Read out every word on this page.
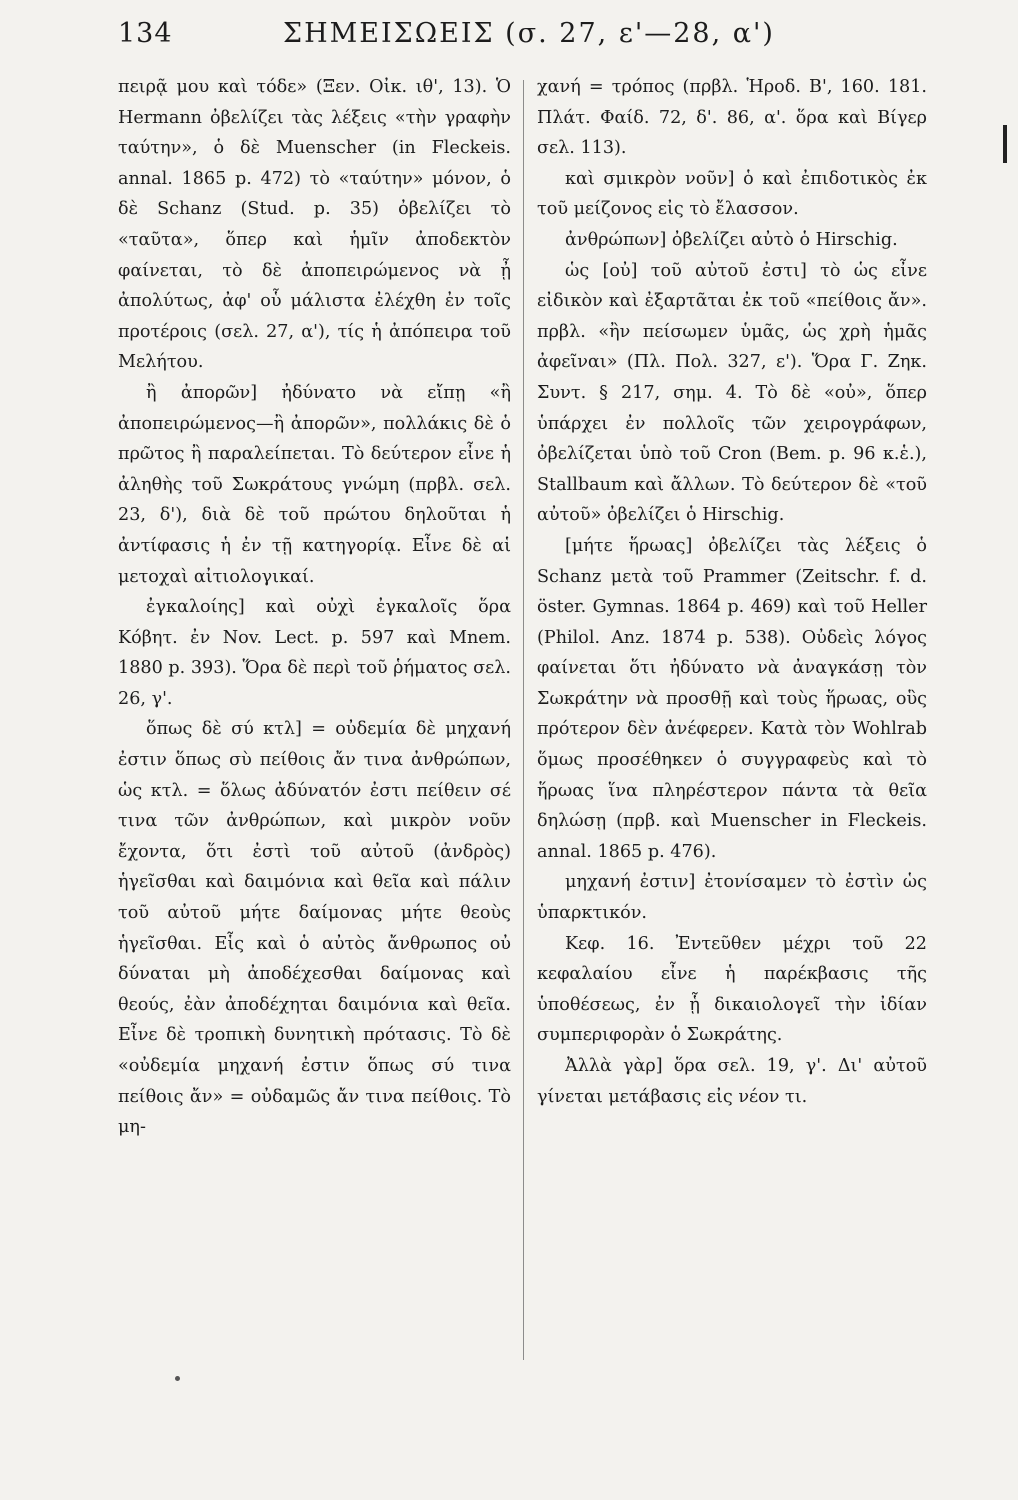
134	ΣΗΜΕΙΣΩΕΙΣ (σ. 27, ε'—28, α')

πειρᾷ μου καὶ τόδε» (Ξεν. Οἰκ. ιθ', 13). Ὁ Hermann ὀβελίζει τὰς λέξεις «τὴν γραφὴν ταύτην», ὁ δὲ Muenscher (in Fleckeis. annal. 1865 p. 472) τὸ «ταύτην» μόνον, ὁ δὲ Schanz (Stud. p. 35) ὀβελίζει τὸ «ταῦτα», ὅπερ καὶ ἡμῖν ἀποδεκτὸν φαίνεται, τὸ δὲ ἀποπειρώμενος νὰ ᾖ ἀπολύτως, ἀφ' οὗ μάλιστα ἐλέχθη ἐν τοῖς προτέροις (σελ. 27, α'), τίς ἡ ἀπόπειρα τοῦ Μελήτου.

ἢ ἀπορῶν] ἠδύνατο νὰ εἴπῃ «ἢ ἀποπειρώμενος—ἢ ἀπορῶν», πολλάκις δὲ ὁ πρῶτος ἢ παραλείπεται. Τὸ δεύτερον εἶνε ἡ ἀληθὴς τοῦ Σωκράτους γνώμη (πρβλ. σελ. 23, δ'), διὰ δὲ τοῦ πρώτου δηλοῦται ἡ ἀντίφασις ἡ ἐν τῇ κατηγορίᾳ. Εἶνε δὲ αἱ μετοχαὶ αἰτιολογικαί.

ἐγκαλοίης] καὶ οὐχὶ ἐγκαλοῖς ὅρα Κόβητ. ἐν Nov. Lect. p. 597 καὶ Mnem. 1880 p. 393). Ὅρα δὲ περὶ τοῦ ῥήματος σελ. 26, γ'.

ὅπως δὲ σύ κτλ] = οὐδεμία δὲ μηχανή ἐστιν ὅπως σὺ πείθοις ἄν τινα ἀνθρώπων, ὡς κτλ. = ὅλως ἀδύνατόν ἐστι πείθειν σέ τινα τῶν ἀνθρώπων, καὶ μικρὸν νοῦν ἔχοντα, ὅτι ἐστὶ τοῦ αὐτοῦ (ἀνδρὸς) ἡγεῖσθαι καὶ δαιμόνια καὶ θεῖα καὶ πάλιν τοῦ αὐτοῦ μήτε δαίμονας μήτε θεοὺς ἡγεῖσθαι. Εἷς καὶ ὁ αὐτὸς ἄνθρωπος οὐ δύναται μὴ ἀποδέχεσθαι δαίμονας καὶ θεούς, ἐὰν ἀποδέχηται δαιμόνια καὶ θεῖα. Εἶνε δὲ τροπικὴ δυνητικὴ πρότασις. Τὸ δὲ «οὐδεμία μηχανή ἐστιν ὅπως σύ τινα πείθοις ἄν» = οὐδαμῶς ἄν τινα πείθοις. Τὸ μη-

χανή = τρόπος (πρβλ. Ἡροδ. Β', 160. 181. Πλάτ. Φαίδ. 72, δ'. 86, α'. ὅρα καὶ Βίγερ σελ. 113).

καὶ σμικρὸν νοῦν] ὁ καὶ ἐπιδοτικὸς ἐκ τοῦ μείζονος εἰς τὸ ἔλασσον.

ἀνθρώπων] ὀβελίζει αὐτὸ ὁ Hirschig.

ὡς [οὐ] τοῦ αὐτοῦ ἐστι] τὸ ὡς εἶνε εἰδικὸν καὶ ἐξαρτᾶται ἐκ τοῦ «πείθοις ἄν». πρβλ. «ἢν πείσωμεν ὑμᾶς, ὡς χρὴ ἡμᾶς ἀφεῖναι» (Πλ. Πολ. 327, ε'). Ὅρα Γ. Ζηκ. Συντ. § 217, σημ. 4. Τὸ δὲ «οὐ», ὅπερ ὑπάρχει ἐν πολλοῖς τῶν χειρογράφων, ὀβελίζεται ὑπὸ τοῦ Cron (Bem. p. 96 κ.ἑ.), Stallbaum καὶ ἄλλων. Τὸ δεύτερον δὲ «τοῦ αὐτοῦ» ὀβελίζει ὁ Hirschig.

[μήτε ἥρωας] ὀβελίζει τὰς λέξεις ὁ Schanz μετὰ τοῦ Prammer (Zeitschr. f. d. öster. Gymnas. 1864 p. 469) καὶ τοῦ Heller (Philol. Anz. 1874 p. 538). Οὐδεὶς λόγος φαίνεται ὅτι ἠδύνατο νὰ ἀναγκάσῃ τὸν Σωκράτην νὰ προσθῇ καὶ τοὺς ἥρωας, οὓς πρότερον δὲν ἀνέφερεν. Κατὰ τὸν Wohlrab ὅμως προσέθηκεν ὁ συγγραφεὺς καὶ τὸ ἥρωας ἵνα πληρέστερον πάντα τὰ θεῖα δηλώσῃ (πρβ. καὶ Muenscher in Fleckeis. annal. 1865 p. 476).

μηχανή ἐστιν] ἐτονίσαμεν τὸ ἐστὶν ὡς ὑπαρκτικόν.

Κεφ. 16. Ἐντεῦθεν μέχρι τοῦ 22 κεφαλαίου εἶνε ἡ παρέκβασις τῆς ὑποθέσεως, ἐν ᾗ δικαιολογεῖ τὴν ἰδίαν συμπεριφορὰν ὁ Σωκράτης.

Ἀλλὰ γὰρ] ὅρα σελ. 19, γ'. Δι' αὐτοῦ γίνεται μετάβασις εἰς νέον τι.
